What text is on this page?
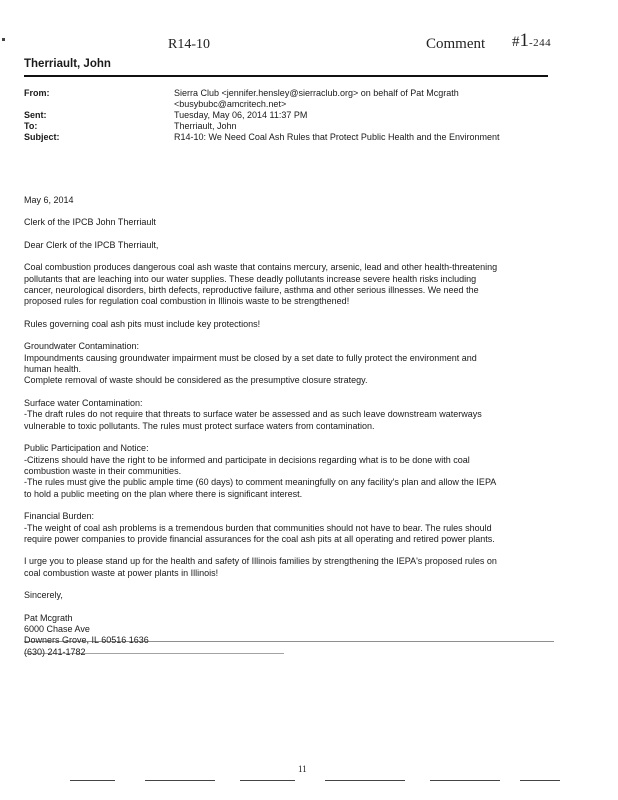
R14-10	Comment #1-244
Therriault, John
From:	Sierra Club <jennifer.hensley@sierraclub.org> on behalf of Pat Mcgrath
<busybubc@amcritech.net>
Sent:	Tuesday, May 06, 2014 11:37 PM
To:	Therriault, John
Subject:	R14-10: We Need Coal Ash Rules that Protect Public Health and the Environment

May 6, 2014

Clerk of the IPCB John Therriault

Dear Clerk of the IPCB Therriault,

Coal combustion produces dangerous coal ash waste that contains mercury, arsenic, lead and other health-threatening

pollutants that are leaching into our water supplies. These deadly pollutants increase severe health risks including

cancer, neurological disorders, birth defects, reproductive failure, asthma and other serious illnesses. We need the

proposed rules for regulation coal combustion in Illinois waste to be strengthened!

Rules governing coal ash pits must include key protections!

Groundwater Contamination:

Impoundments causing groundwater impairment must be closed by a set date to fully protect the environment and

human health.

Complete removal of waste should be considered as the presumptive closure strategy.

Surface water Contamination:

-The draft rules do not require that threats to surface water be assessed and as such leave downstream waterways

vulnerable to toxic pollutants. The rules must protect surface waters from contamination.

Public Participation and Notice:

-Citizens should have the right to be informed and participate in decisions regarding what is to be done with coal

combustion waste in their communities.

-The rules must give the public ample time (60 days) to comment meaningfully on any facility's plan and allow the IEPA

to hold a public meeting on the plan where there is significant interest.

Financial Burden:

-The weight of coal ash problems is a tremendous burden that communities should not have to bear. The rules should

require power companies to provide financial assurances for the coal ash pits at all operating and retired power plants.

I urge you to please stand up for the health and safety of Illinois families by strengthening the IEPA's proposed rules on

coal combustion waste at power plants in Illinois!

Sincerely,

Pat Mcgrath

6000 Chase Ave

(630) 241-1782

11
